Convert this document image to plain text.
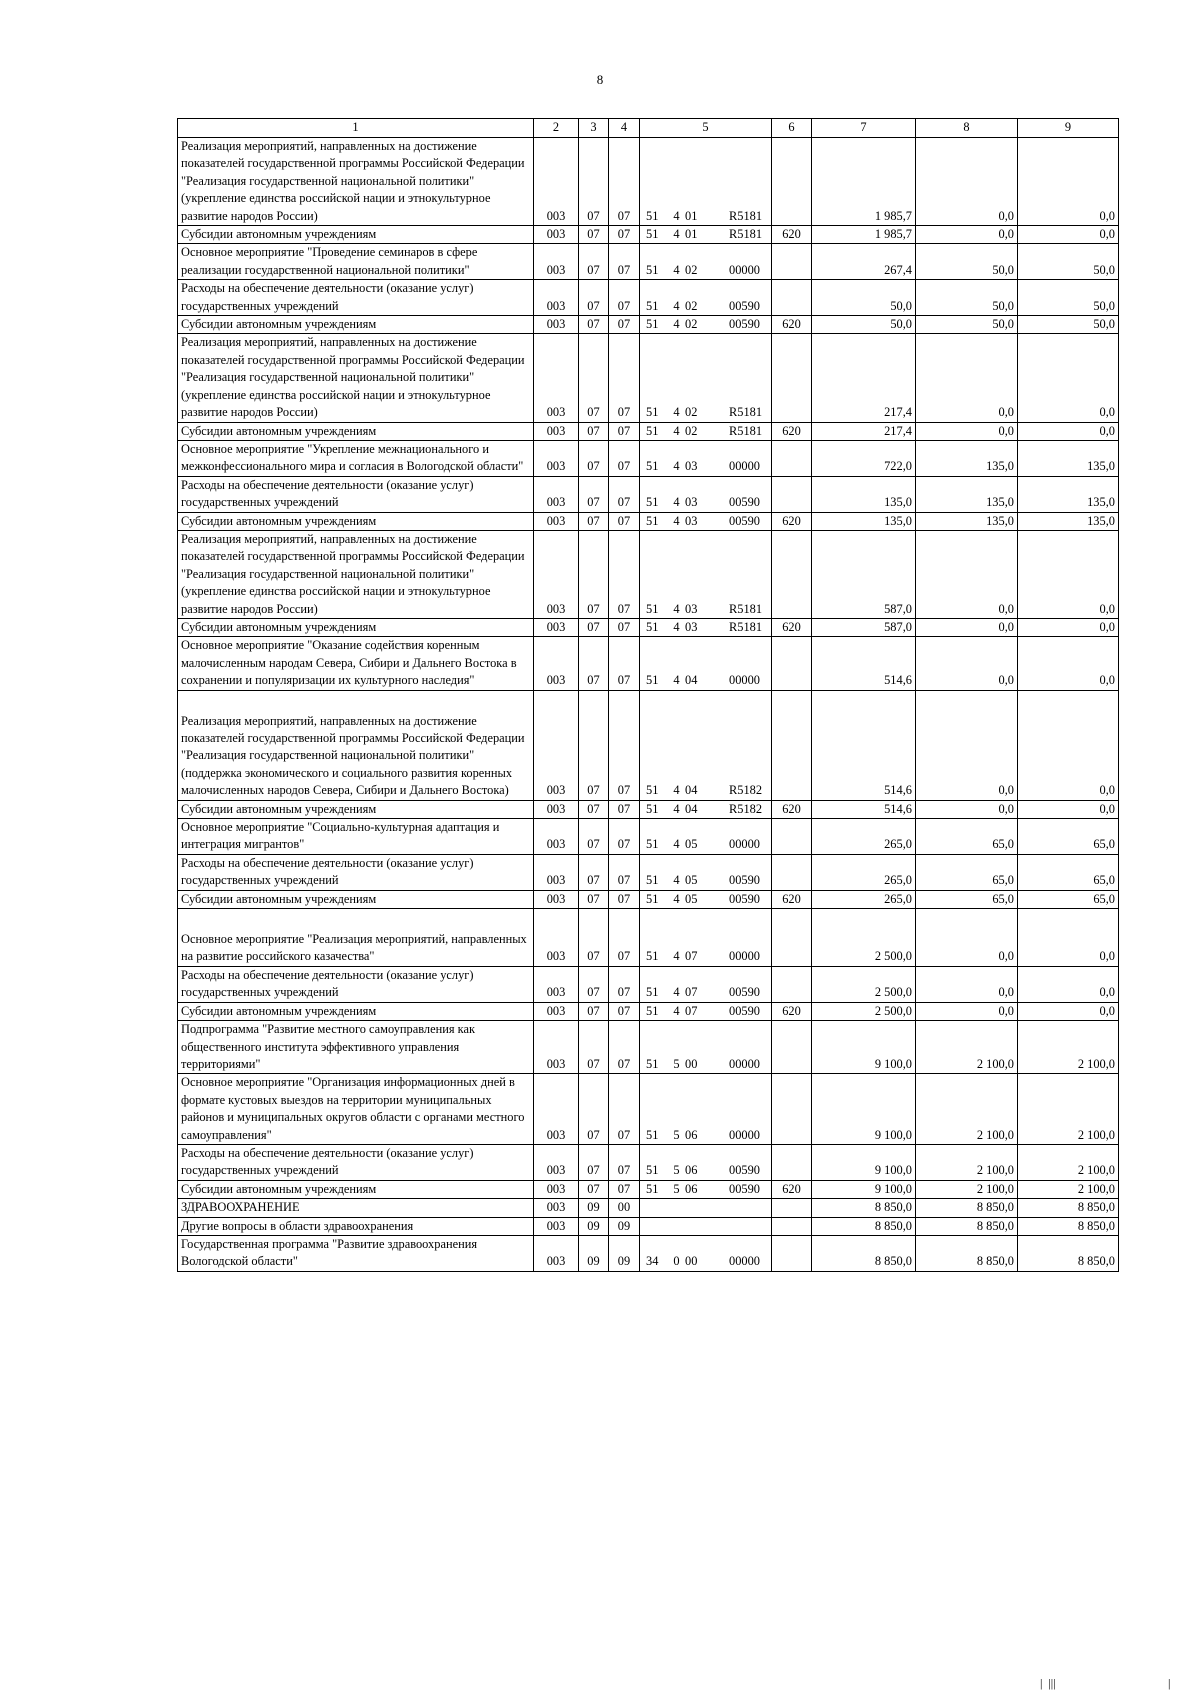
8
1	2	3	4	5	6	7	8	9
Реализация мероприятий, направленных на достижение показателей государственной программы Российской Федерации "Реализация государственной национальной политики" (укрепление единства российской нации и этнокультурное развитие народов России)	003	07	07	51 4 01 R5181		1 985,7	0,0	0,0
Субсидии автономным учреждениям	003	07	07	51 4 01 R5181	620	1 985,7	0,0	0,0
Основное мероприятие "Проведение семинаров в сфере реализации государственной национальной политики"	003	07	07	51 4 02 00000		267,4	50,0	50,0
Расходы на обеспечение деятельности (оказание услуг) государственных учреждений	003	07	07	51 4 02 00590		50,0	50,0	50,0
Субсидии автономным учреждениям	003	07	07	51 4 02 00590	620	50,0	50,0	50,0
Реализация мероприятий, направленных на достижение показателей государственной программы Российской Федерации "Реализация государственной национальной политики" (укрепление единства российской нации и этнокультурное развитие народов России)	003	07	07	51 4 02 R5181		217,4	0,0	0,0
Субсидии автономным учреждениям	003	07	07	51 4 02 R5181	620	217,4	0,0	0,0
Основное мероприятие "Укрепление межнационального и межконфессионального мира и согласия в Вологодской области"	003	07	07	51 4 03 00000		722,0	135,0	135,0
Расходы на обеспечение деятельности (оказание услуг) государственных учреждений	003	07	07	51 4 03 00590		135,0	135,0	135,0
Субсидии автономным учреждениям	003	07	07	51 4 03 00590	620	135,0	135,0	135,0
Реализация мероприятий, направленных на достижение показателей государственной программы Российской Федерации "Реализация государственной национальной политики" (укрепление единства российской нации и этнокультурное развитие народов России)	003	07	07	51 4 03 R5181		587,0	0,0	0,0
Субсидии автономным учреждениям	003	07	07	51 4 03 R5181	620	587,0	0,0	0,0
Основное мероприятие "Оказание содействия коренным малочисленным народам Севера, Сибири и Дальнего Востока в сохранении и популяризации их культурного наследия"	003	07	07	51 4 04 00000		514,6	0,0	0,0
Реализация мероприятий, направленных на достижение показателей государственной программы Российской Федерации "Реализация государственной национальной политики" (поддержка экономического и социального развития коренных малочисленных народов Севера, Сибири и Дальнего Востока)	003	07	07	51 4 04 R5182		514,6	0,0	0,0
Субсидии автономным учреждениям	003	07	07	51 4 04 R5182	620	514,6	0,0	0,0
Основное мероприятие "Социально-культурная адаптация и интеграция мигрантов"	003	07	07	51 4 05 00000		265,0	65,0	65,0
Расходы на обеспечение деятельности (оказание услуг) государственных учреждений	003	07	07	51 4 05 00590		265,0	65,0	65,0
Субсидии автономным учреждениям	003	07	07	51 4 05 00590	620	265,0	65,0	65,0
Основное мероприятие "Реализация мероприятий, направленных на развитие российского казачества"	003	07	07	51 4 07 00000		2 500,0	0,0	0,0
Расходы на обеспечение деятельности (оказание услуг) государственных учреждений	003	07	07	51 4 07 00590		2 500,0	0,0	0,0
Субсидии автономным учреждениям	003	07	07	51 4 07 00590	620	2 500,0	0,0	0,0
Подпрограмма "Развитие местного самоуправления как общественного института эффективного управления территориями"	003	07	07	51 5 00 00000		9 100,0	2 100,0	2 100,0
Основное мероприятие "Организация информационных дней в формате кустовых выездов на территории муниципальных районов и муниципальных округов области с органами местного самоуправления"	003	07	07	51 5 06 00000		9 100,0	2 100,0	2 100,0
Расходы на обеспечение деятельности (оказание услуг) государственных учреждений	003	07	07	51 5 06 00590		9 100,0	2 100,0	2 100,0
Субсидии автономным учреждениям	003	07	07	51 5 06 00590	620	9 100,0	2 100,0	2 100,0
ЗДРАВООХРАНЕНИЕ	003	09	00			8 850,0	8 850,0	8 850,0
Другие вопросы в области здравоохранения	003	09	09			8 850,0	8 850,0	8 850,0
Государственная программа "Развитие здравоохранения Вологодской области"	003	09	09	34 0 00 00000		8 850,0	8 850,0	8 850,0
|  |||	|
